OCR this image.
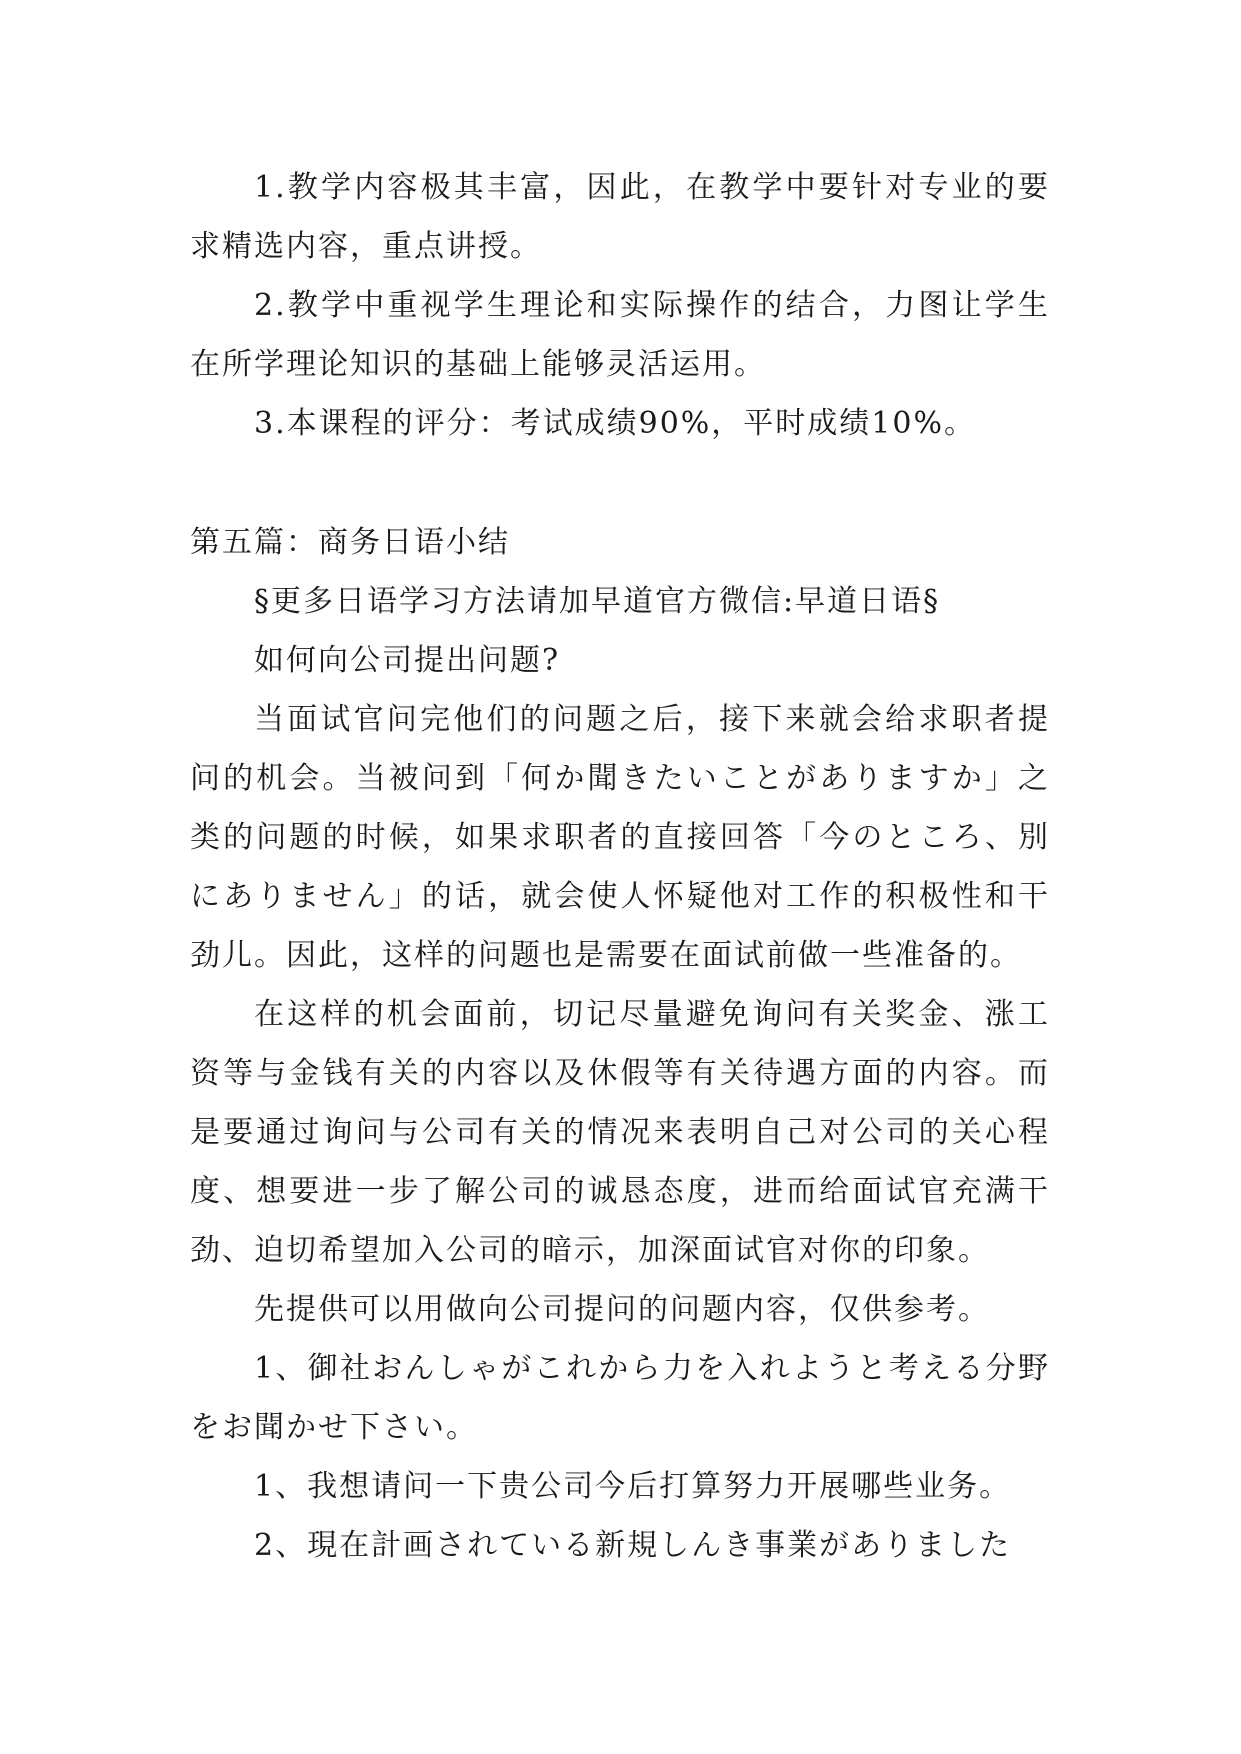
1.教学内容极其丰富，因此，在教学中要针对专业的要求精选内容，重点讲授。

2.教学中重视学生理论和实际操作的结合，力图让学生在所学理论知识的基础上能够灵活运用。

3.本课程的评分：考试成绩90%，平时成绩10%。

第五篇：商务日语小结

§更多日语学习方法请加早道官方微信:早道日语§

如何向公司提出问题?

当面试官问完他们的问题之后，接下来就会给求职者提问的机会。当被问到「何か聞きたいことがありますか」之类的问题的时候，如果求职者的直接回答「今のところ、別にありません」的话，就会使人怀疑他对工作的积极性和干劲儿。因此，这样的问题也是需要在面试前做一些准备的。

在这样的机会面前，切记尽量避免询问有关奖金、涨工资等与金钱有关的内容以及休假等有关待遇方面的内容。而是要通过询问与公司有关的情况来表明自己对公司的关心程度、想要进一步了解公司的诚恳态度，进而给面试官充满干劲、迫切希望加入公司的暗示，加深面试官对你的印象。

先提供可以用做向公司提问的问题内容，仅供参考。

1、御社おんしゃがこれから力を入れようと考える分野をお聞かせ下さい。

1、我想请问一下贵公司今后打算努力开展哪些业务。

2、現在計画されている新規しんき事業がありました
